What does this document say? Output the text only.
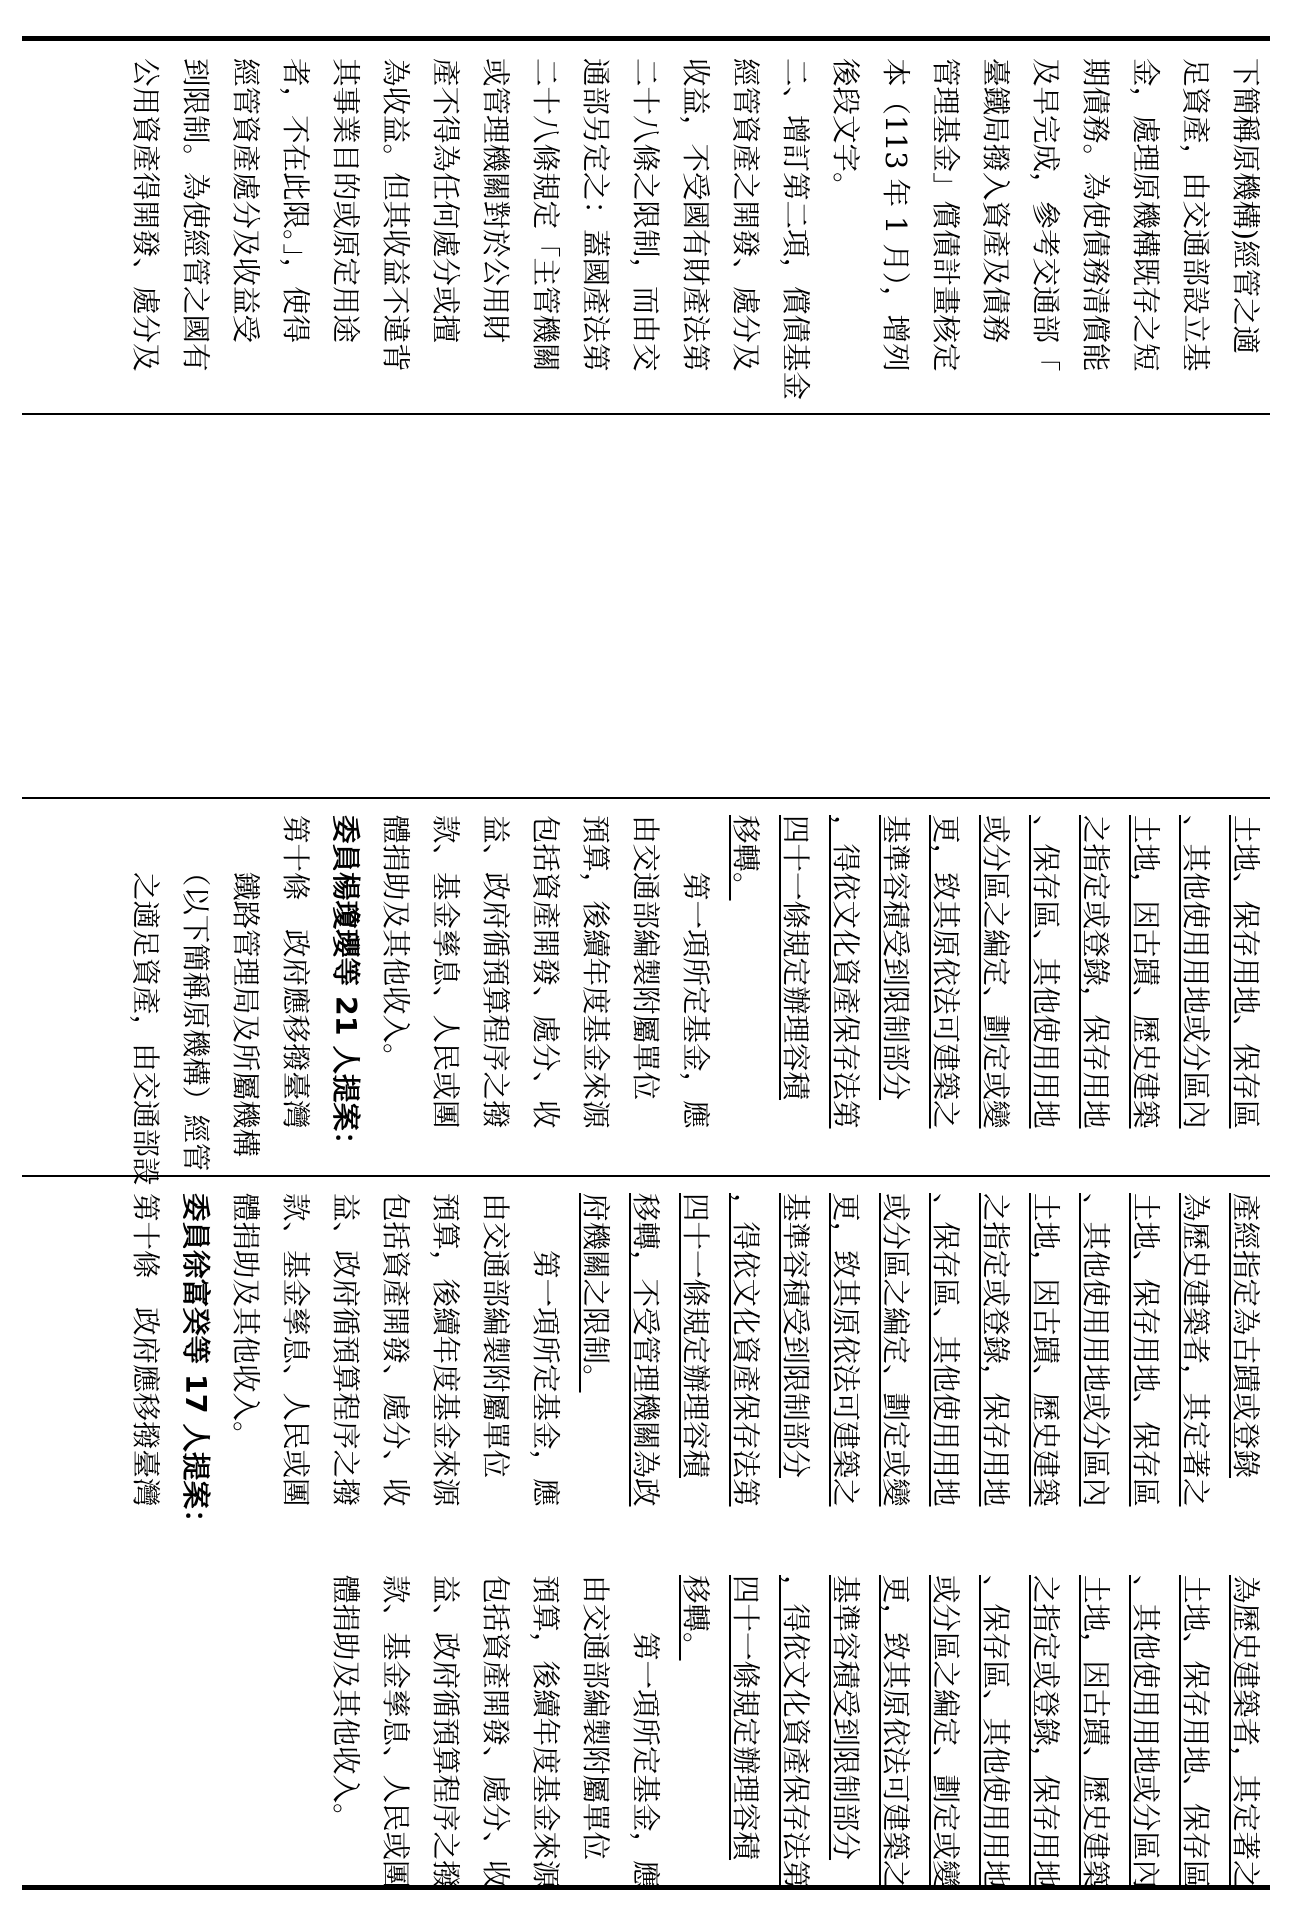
下簡稱原機構)經管之適
足資產，由交通部設立基
金，處理原機構既存之短
期債務。為使債務清償能
及早完成，參考交通部「
臺鐵局撥入資產及債務
管理基金」償債計畫核定
本（113 年 1 月），增列
後段文字。
二、增訂第二項，償債基金
經管資產之開發、處分及
收益，不受國有財產法第
二十八條之限制，而由交
通部另定之：蓋國產法第
二十八條規定「主管機關
或管理機關對於公用財
產不得為任何處分或擅
為收益。但其收益不違背
其事業目的或原定用途
者，不在此限。」，使得
經管資產處分及收益受
到限制。為使經管之國有
公用資產得開發、處分及
土地、保存用地、保存區
、其他使用用地或分區內
土地，因古蹟、歷史建築
之指定或登錄，保存用地
、保存區、其他使用用地
或分區之編定、劃定或變
更，致其原依法可建築之
基準容積受到限制部分
，得依文化資產保存法第
四十一條規定辦理容積
移轉。
　　第一項所定基金，應
由交通部編製附屬單位
預算，後續年度基金來源
包括資產開發、處分、收
益、政府循預算程序之撥
款、基金孳息、人民或團
體捐助及其他收入。
委員楊瓊瓔等 21 人提案：
第十條　政府應移撥臺灣
　　鐵路管理局及所屬機構
　　（以下簡稱原機構）經管
　　之適足資產，由交通部設
產經指定為古蹟或登錄
為歷史建築者，其定著之
土地、保存用地、保存區
、其他使用用地或分區內
土地，因古蹟、歷史建築
之指定或登錄，保存用地
、保存區、其他使用用地
或分區之編定、劃定或變
更，致其原依法可建築之
基準容積受到限制部分
，得依文化資產保存法第
四十一條規定辦理容積
移轉，不受管理機關為政
府機關之限制。
　　第一項所定基金，應
由交通部編製附屬單位
預算，後續年度基金來源
包括資產開發、處分、收
益、政府循預算程序之撥
款、基金孳息、人民或團
體捐助及其他收入。
委員徐富癸等 17 人提案：
第十條　政府應移撥臺灣
為歷史建築者，其定著之
土地、保存用地、保存區
、其他使用用地或分區內
土地，因古蹟、歷史建築
之指定或登錄，保存用地
、保存區、其他使用用地
或分區之編定、劃定或變
更，致其原依法可建築之
基準容積受到限制部分
，得依文化資產保存法第
四十一條規定辦理容積
移轉。
　　第一項所定基金，應
由交通部編製附屬單位
預算，後續年度基金來源
包括資產開發、處分、收
益、政府循預算程序之撥
款、基金孳息、人民或團
體捐助及其他收入。
